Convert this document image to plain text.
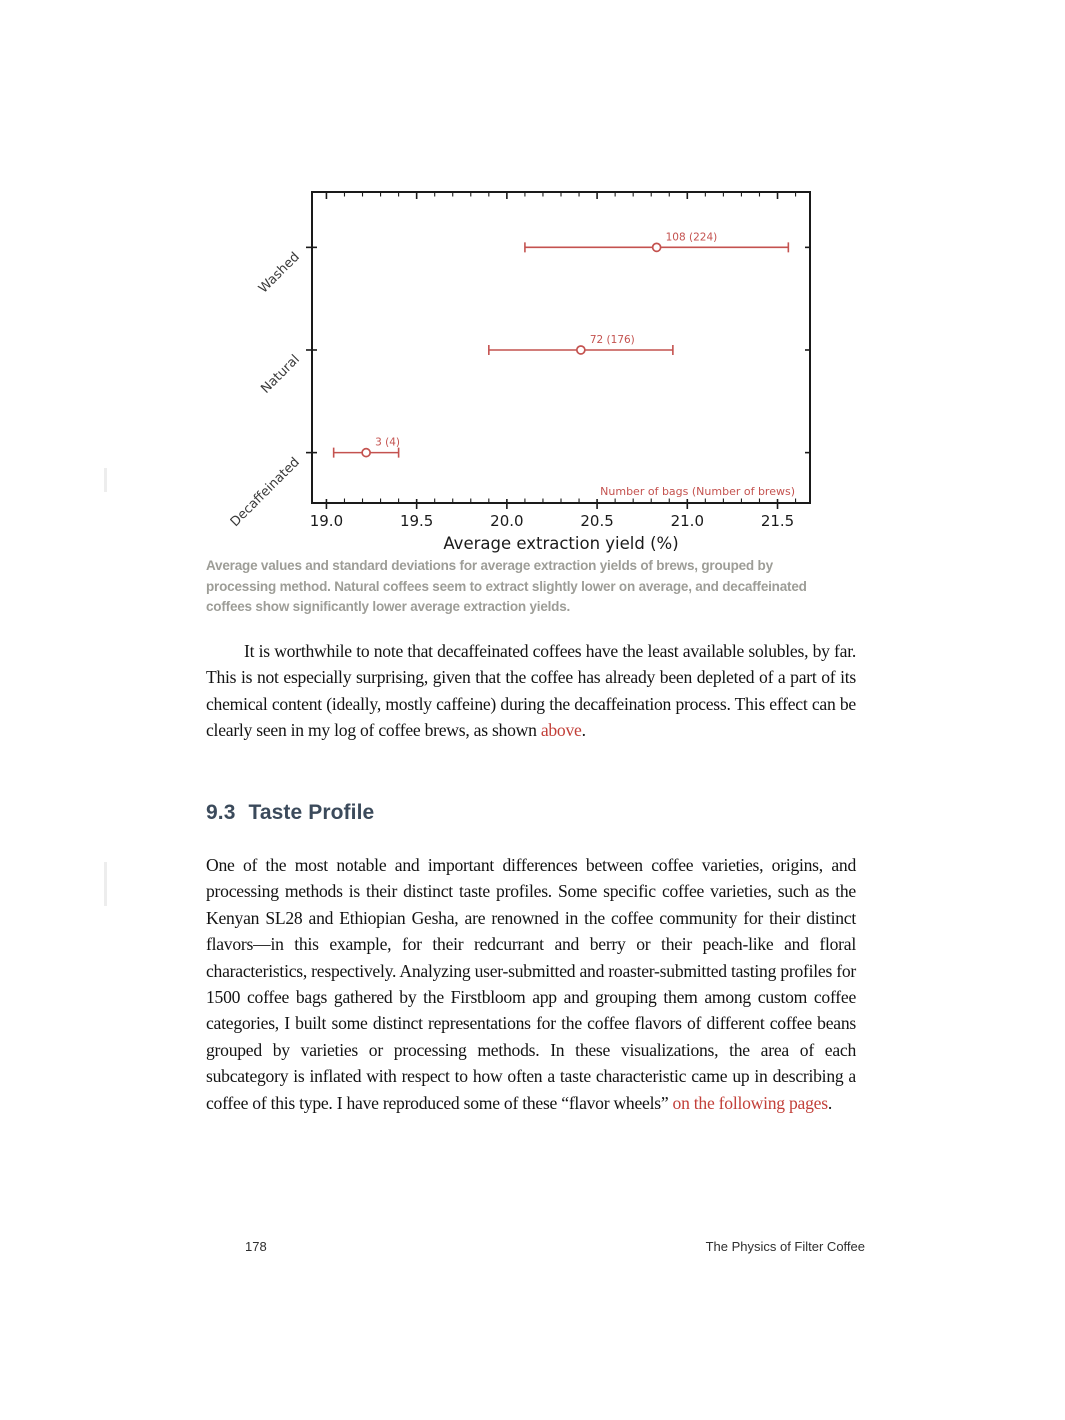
19.0	19.5	20.0	20.5	21.0	21.5
Average extraction yield (%)
Number of bags (Number of brews)
Washed
108 (224)
Natural
72 (176)
Decaffeinated
3 (4)
Average values and standard deviations for average extraction yields of brews, grouped by processing method. Natural coffees seem to extract slightly lower on average, and decaffeinated coffees show significantly lower average extraction yields.
It is worthwhile to note that decaffeinated coffees have the least available solubles, by far. This is not especially surprising, given that the coffee has already been depleted of a part of its chemical content (ideally, mostly caffeine) during the decaffeination process. This effect can be clearly seen in my log of coffee brews, as shown above.
9.3 Taste Profile
One of the most notable and important differences between coffee varieties, origins, and processing methods is their distinct taste profiles. Some specific coffee varieties, such as the Kenyan SL28 and Ethiopian Gesha, are renowned in the coffee community for their distinct flavors—in this example, for their redcurrant and berry or their peach-like and floral characteristics, respectively. Analyzing user-submitted and roaster-submitted tasting profiles for 1500 coffee bags gathered by the Firstbloom app and grouping them among custom coffee categories, I built some distinct representations for the coffee flavors of different coffee beans grouped by varieties or processing methods. In these visualizations, the area of each subcategory is inflated with respect to how often a taste characteristic came up in describing a coffee of this type. I have reproduced some of these “flavor wheels” on the following pages.
178	The Physics of Filter Coffee
